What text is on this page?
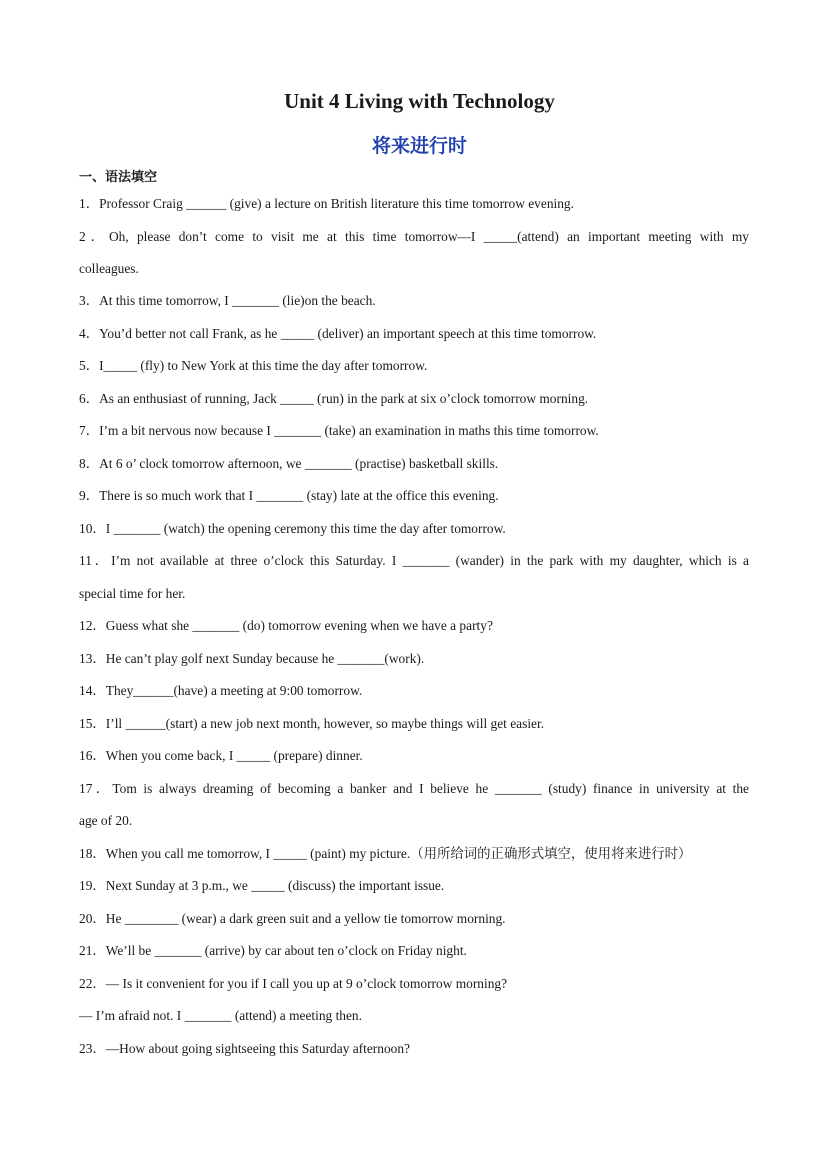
Unit 4 Living with Technology
将来进行时
一、语法填空
1．Professor Craig ______ (give) a lecture on British literature this time tomorrow evening.
2．Oh, please don’t come to visit me at this time tomorrow—I _____(attend) an important meeting with my
colleagues.
3．At this time tomorrow, I _______ (lie)on the beach.
4．You’d better not call Frank, as he _____ (deliver) an important speech at this time tomorrow.
5．I_____ (fly) to New York at this time the day after tomorrow.
6．As an enthusiast of running, Jack _____ (run) in the park at six o’clock tomorrow morning.
7．I’m a bit nervous now because I _______ (take) an examination in maths this time tomorrow.
8．At 6 o’ clock tomorrow afternoon, we _______ (practise) basketball skills.
9．There is so much work that I _______ (stay) late at the office this evening.
10．I _______ (watch) the opening ceremony this time the day after tomorrow.
11．I’m not available at three o’clock this Saturday. I _______ (wander) in the park with my daughter, which is a
special time for her.
12．Guess what she _______ (do) tomorrow evening when we have a party?
13．He can’t play golf next Sunday because he _______(work).
14．They______(have) a meeting at 9:00 tomorrow.
15．I’ll ______(start) a new job next month, however, so maybe things will get easier.
16．When you come back, I _____ (prepare) dinner.
17．Tom is always dreaming of becoming a banker and I believe he _______ (study) finance in university at the
age of 20.
18．When you call me tomorrow, I _____ (paint) my picture.（用所给词的正确形式填空，使用将来进行时）
19．Next Sunday at 3 p.m., we _____ (discuss) the important issue.
20．He ________ (wear) a dark green suit and a yellow tie tomorrow morning.
21．We’ll be _______ (arrive) by car about ten o’clock on Friday night.
22．— Is it convenient for you if I call you up at 9 o’clock tomorrow morning?
— I’m afraid not. I _______ (attend) a meeting then.
23．—How about going sightseeing this Saturday afternoon?
